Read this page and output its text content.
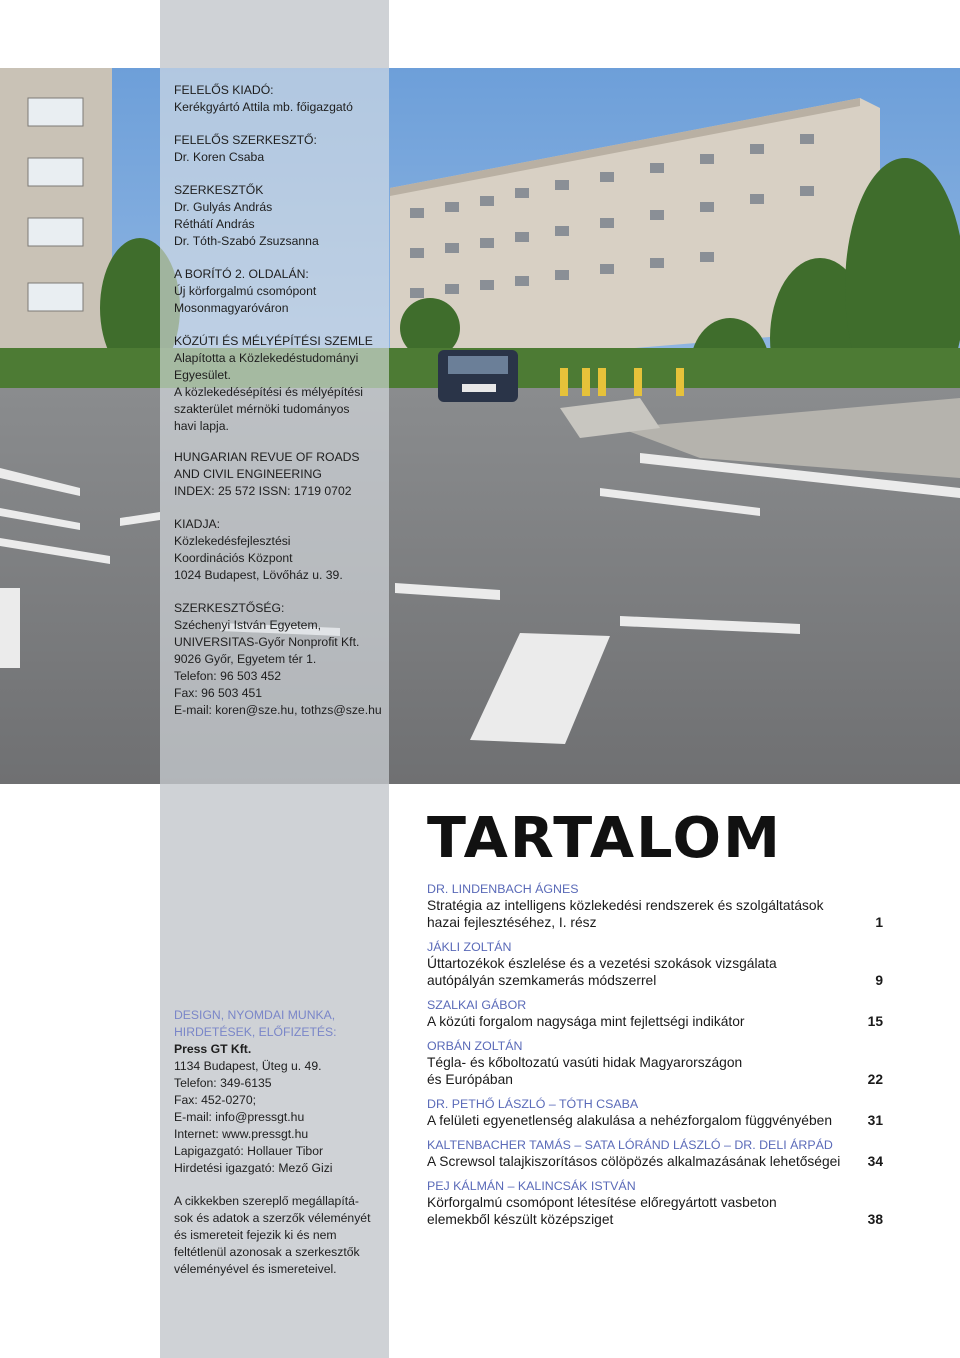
FELELŐS KIADÓ:
Kerékgyártó Attila mb. főigazgató
FELELŐS SZERKESZTŐ:
Dr. Koren Csaba
SZERKESZTŐK
Dr. Gulyás András
Réthátí András
Dr. Tóth-Szabó Zsuzsanna
A BORÍTÓ 2. OLDALÁN:
Új körforgalmú csomópont
Mosonmagyaróváron
KÖZÚTI ÉS MÉLYÉPÍTÉSI SZEMLE
Alapította a Közlekedéstudományi
Egyesület.
A közlekedésépítési és mélyépítési
szakterület mérnöki tudományos
havi lapja.
HUNGARIAN REVUE OF ROADS
AND CIVIL ENGINEERING
INDEX: 25 572 ISSN: 1719 0702
KIADJA:
Közlekedésfejlesztési
Koordinációs Központ
1024 Budapest, Lövőház u. 39.
SZERKESZTŐSÉG:
Széchenyi István Egyetem,
UNIVERSITAS-Győr Nonprofit Kft.
9026 Győr, Egyetem tér 1.
Telefon: 96 503 452
Fax: 96 503 451
E-mail: koren@sze.hu, tothzs@sze.hu
DESIGN, NYOMDAI MUNKA,
HIRDETÉSEK, ELŐFIZETÉS:
Press GT Kft.
1134 Budapest, Üteg u. 49.
Telefon: 349-6135
Fax: 452-0270;
E-mail: info@pressgt.hu
Internet: www.pressgt.hu
Lapigazgató: Hollauer Tibor
Hirdetési igazgató: Mező Gizi
A cikkekben szereplő megállapítá-
sok és adatok a szerzők véleményét
és ismereteit fejezik ki és nem
feltétlenül azonosak a szerkesztők
véleményével és ismereteivel.
TARTALOM
DR. LINDENBACH ÁGNES
Stratégia az intelligens közlekedési rendszerek és szolgáltatások
hazai fejlesztéséhez, I. rész	1
JÁKLI ZOLTÁN
Úttartozékok észlelése és a vezetési szokások vizsgálata
autópályán szemkamerás módszerrel	9
SZALKAI GÁBOR
A közúti forgalom nagysága mint fejlettségi indikátor	15
ORBÁN ZOLTÁN
Tégla- és kőboltozatú vasúti hidak Magyarországon
és Európában	22
DR. PETHŐ LÁSZLÓ – TÓTH CSABA
A felületi egyenetlenség alakulása a nehézforgalom függvényében	31
KALTENBACHER TAMÁS – SATA LÓRÁND LÁSZLÓ – DR. DELI ÁRPÁD
A Screwsol talajkiszorításos cölöpözés alkalmazásának lehetőségei 34
PEJ KÁLMÁN – KALINCSÁK ISTVÁN
Körforgalmú csomópont létesítése előregyártott vasbeton
elemekből készült középsziget	38
